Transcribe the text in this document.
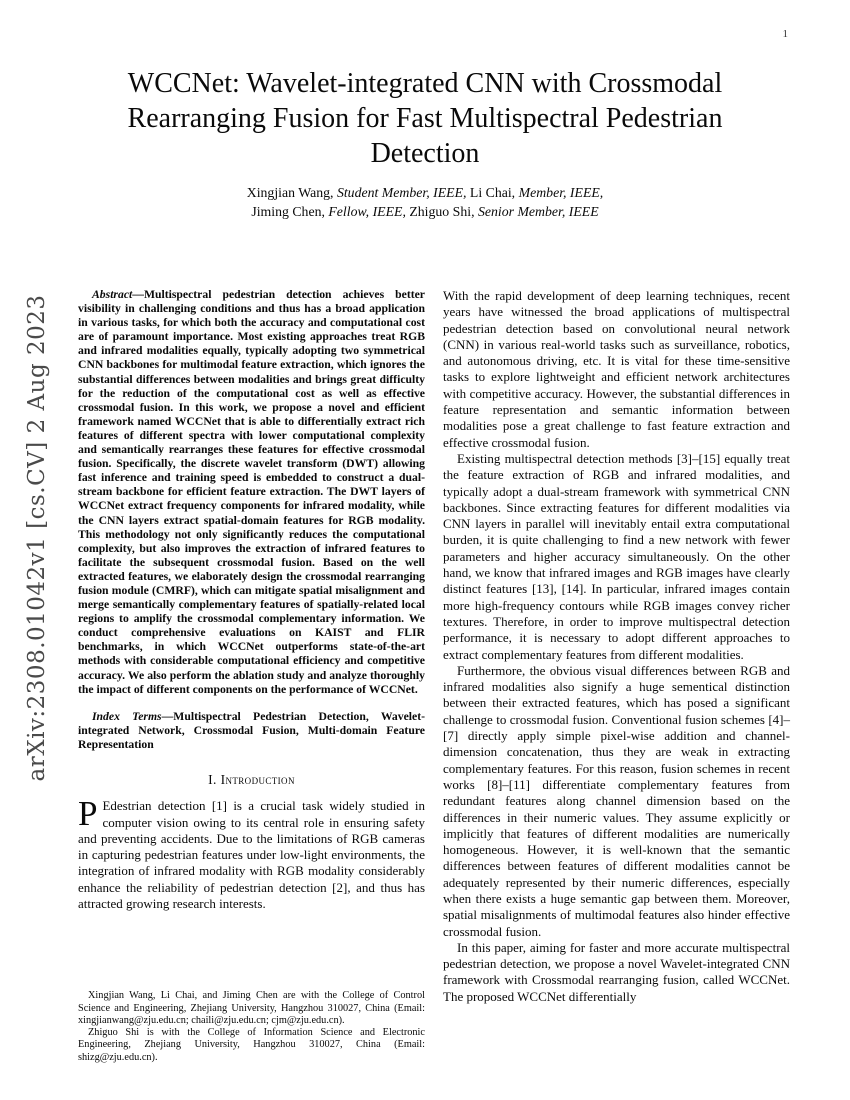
1
arXiv:2308.01042v1 [cs.CV] 2 Aug 2023
WCCNet: Wavelet-integrated CNN with Crossmodal Rearranging Fusion for Fast Multispectral Pedestrian Detection
Xingjian Wang, Student Member, IEEE, Li Chai, Member, IEEE,
Jiming Chen, Fellow, IEEE, Zhiguo Shi, Senior Member, IEEE

Abstract—Multispectral pedestrian detection achieves better visibility in challenging conditions and thus has a broad application in various tasks, for which both the accuracy and computational cost are of paramount importance. Most existing approaches treat RGB and infrared modalities equally, typically adopting two symmetrical CNN backbones for multimodal feature extraction, which ignores the substantial differences between modalities and brings great difficulty for the reduction of the computational cost as well as effective crossmodal fusion. In this work, we propose a novel and efficient framework named WCCNet that is able to differentially extract rich features of different spectra with lower computational complexity and semantically rearranges these features for effective crossmodal fusion. Specifically, the discrete wavelet transform (DWT) allowing fast inference and training speed is embedded to construct a dual-stream backbone for efficient feature extraction. The DWT layers of WCCNet extract frequency components for infrared modality, while the CNN layers extract spatial-domain features for RGB modality. This methodology not only significantly reduces the computational complexity, but also improves the extraction of infrared features to facilitate the subsequent crossmodal fusion. Based on the well extracted features, we elaborately design the crossmodal rearranging fusion module (CMRF), which can mitigate spatial misalignment and merge semantically complementary features of spatially-related local regions to amplify the crossmodal complementary information. We conduct comprehensive evaluations on KAIST and FLIR benchmarks, in which WCCNet outperforms state-of-the-art methods with considerable computational efficiency and competitive accuracy. We also perform the ablation study and analyze thoroughly the impact of different components on the performance of WCCNet.

Index Terms—Multispectral Pedestrian Detection, Wavelet-integrated Network, Crossmodal Fusion, Multi-domain Feature Representation

I. Introduction

P Edestrian detection [1] is a crucial task widely studied in computer vision owing to its central role in ensuring safety and preventing accidents. Due to the limitations of RGB cameras in capturing pedestrian features under low-light environments, the integration of infrared modality with RGB modality considerably enhance the reliability of pedestrian detection [2], and thus has attracted growing research interests.

Xingjian Wang, Li Chai, and Jiming Chen are with the College of Control Science and Engineering, Zhejiang University, Hangzhou 310027, China (Email: xingjianwang@zju.edu.cn; chaili@zju.edu.cn; cjm@zju.edu.cn).

Zhiguo Shi is with the College of Information Science and Electronic Engineering, Zhejiang University, Hangzhou 310027, China (Email: shizg@zju.edu.cn).

With the rapid development of deep learning techniques, recent years have witnessed the broad applications of multispectral pedestrian detection based on convolutional neural network (CNN) in various real-world tasks such as surveillance, robotics, and autonomous driving, etc. It is vital for these time-sensitive tasks to explore lightweight and efficient network architectures with competitive accuracy. However, the substantial differences in feature representation and semantic information between modalities pose a great challenge to fast feature extraction and effective crossmodal fusion.

Existing multispectral detection methods [3]–[15] equally treat the feature extraction of RGB and infrared modalities, and typically adopt a dual-stream framework with symmetrical CNN backbones. Since extracting features for different modalities via CNN layers in parallel will inevitably entail extra computational burden, it is quite challenging to find a new network with fewer parameters and higher accuracy simultaneously. On the other hand, we know that infrared images and RGB images have clearly distinct features [13], [14]. In particular, infrared images contain more high-frequency contours while RGB images convey richer textures. Therefore, in order to improve multispectral detection performance, it is necessary to adopt different approaches to extract complementary features from different modalities.

Furthermore, the obvious visual differences between RGB and infrared modalities also signify a huge sementical distinction between their extracted features, which has posed a significant challenge to crossmodal fusion. Conventional fusion schemes [4]–[7] directly apply simple pixel-wise addition and channel-dimension concatenation, thus they are weak in extracting complementary features. For this reason, fusion schemes in recent works [8]–[11] differentiate complementary features from redundant features along channel dimension based on the differences in their numeric values. They assume explicitly or implicitly that features of different modalities are numerically homogeneous. However, it is well-known that the semantic differences between features of different modalities cannot be adequately represented by their numeric differences, especially when there exists a huge semantic gap between them. Moreover, spatial misalignments of multimodal features also hinder effective crossmodal fusion.

In this paper, aiming for faster and more accurate multispectral pedestrian detection, we propose a novel Wavelet-integrated CNN framework with Crossmodal rearranging fusion, called WCCNet. The proposed WCCNet differentially
